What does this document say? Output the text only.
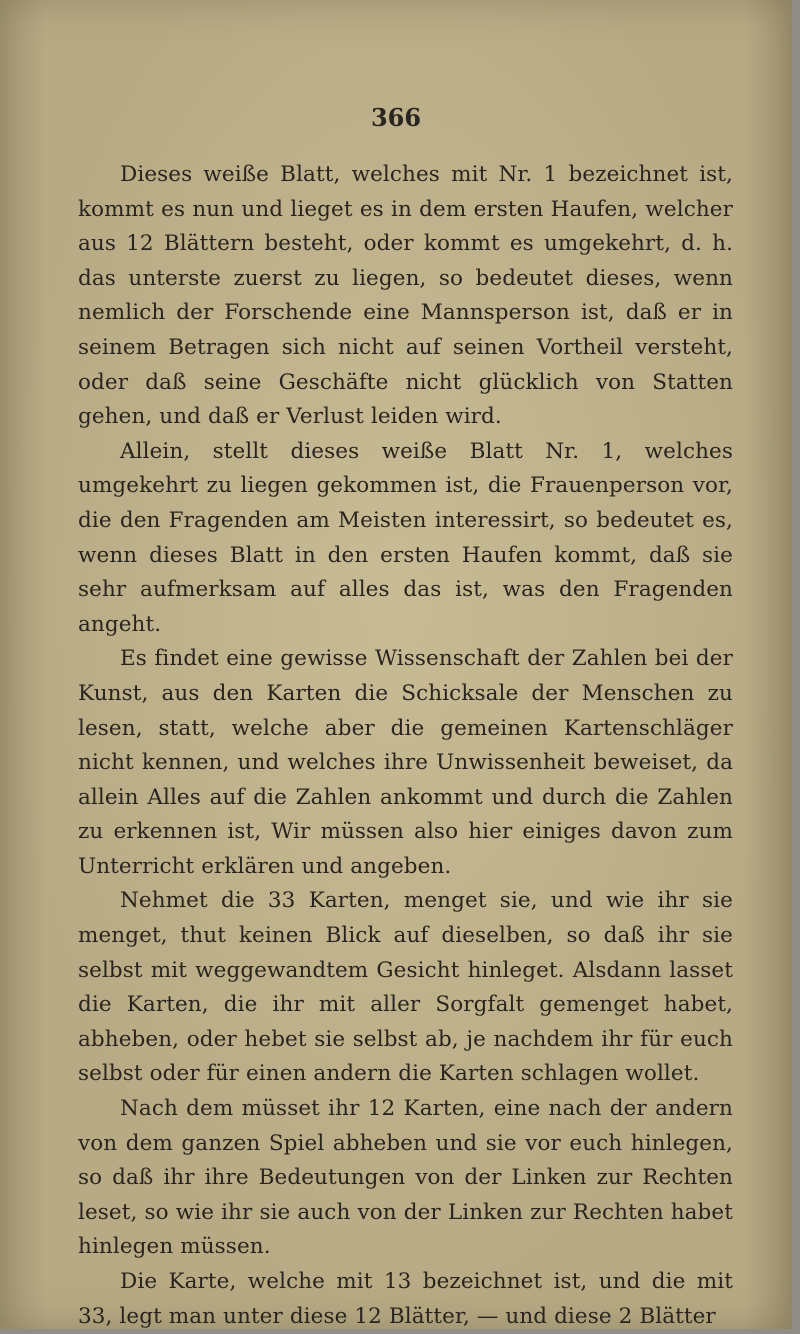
366

Dieses weiße Blatt, welches mit Nr. 1 bezeichnet ist, kommt es nun und lieget es in dem ersten Haufen, welcher aus 12 Blättern besteht, oder kommt es umgekehrt, d. h. das unterste zuerst zu liegen, so bedeutet dieses, wenn nemlich der Forschende eine Mannsperson ist, daß er in seinem Betragen sich nicht auf seinen Vortheil versteht, oder daß seine Geschäfte nicht glücklich von Statten gehen, und daß er Verlust leiden wird.

Allein, stellt dieses weiße Blatt Nr. 1, welches umgekehrt zu liegen gekommen ist, die Frauenperson vor, die den Fragenden am Meisten interessirt, so bedeutet es, wenn dieses Blatt in den ersten Haufen kommt, daß sie sehr aufmerksam auf alles das ist, was den Fragenden angeht.

Es findet eine gewisse Wissenschaft der Zahlen bei der Kunst, aus den Karten die Schicksale der Menschen zu lesen, statt, welche aber die gemeinen Kartenschläger nicht kennen, und welches ihre Unwissenheit beweiset, da allein Alles auf die Zahlen ankommt und durch die Zahlen zu erkennen ist, Wir müssen also hier einiges davon zum Unterricht erklären und angeben.

Nehmet die 33 Karten, menget sie, und wie ihr sie menget, thut keinen Blick auf dieselben, so daß ihr sie selbst mit weggewandtem Gesicht hinleget. Alsdann lasset die Karten, die ihr mit aller Sorgfalt gemenget habet, abheben, oder hebet sie selbst ab, je nachdem ihr für euch selbst oder für einen andern die Karten schlagen wollet.

Nach dem müsset ihr 12 Karten, eine nach der andern von dem ganzen Spiel abheben und sie vor euch hinlegen, so daß ihr ihre Bedeutungen von der Linken zur Rechten leset, so wie ihr sie auch von der Linken zur Rechten habet hinlegen müssen.

Die Karte, welche mit 13 bezeichnet ist, und die mit 33, legt man unter diese 12 Blätter, — und diese 2 Blätter
